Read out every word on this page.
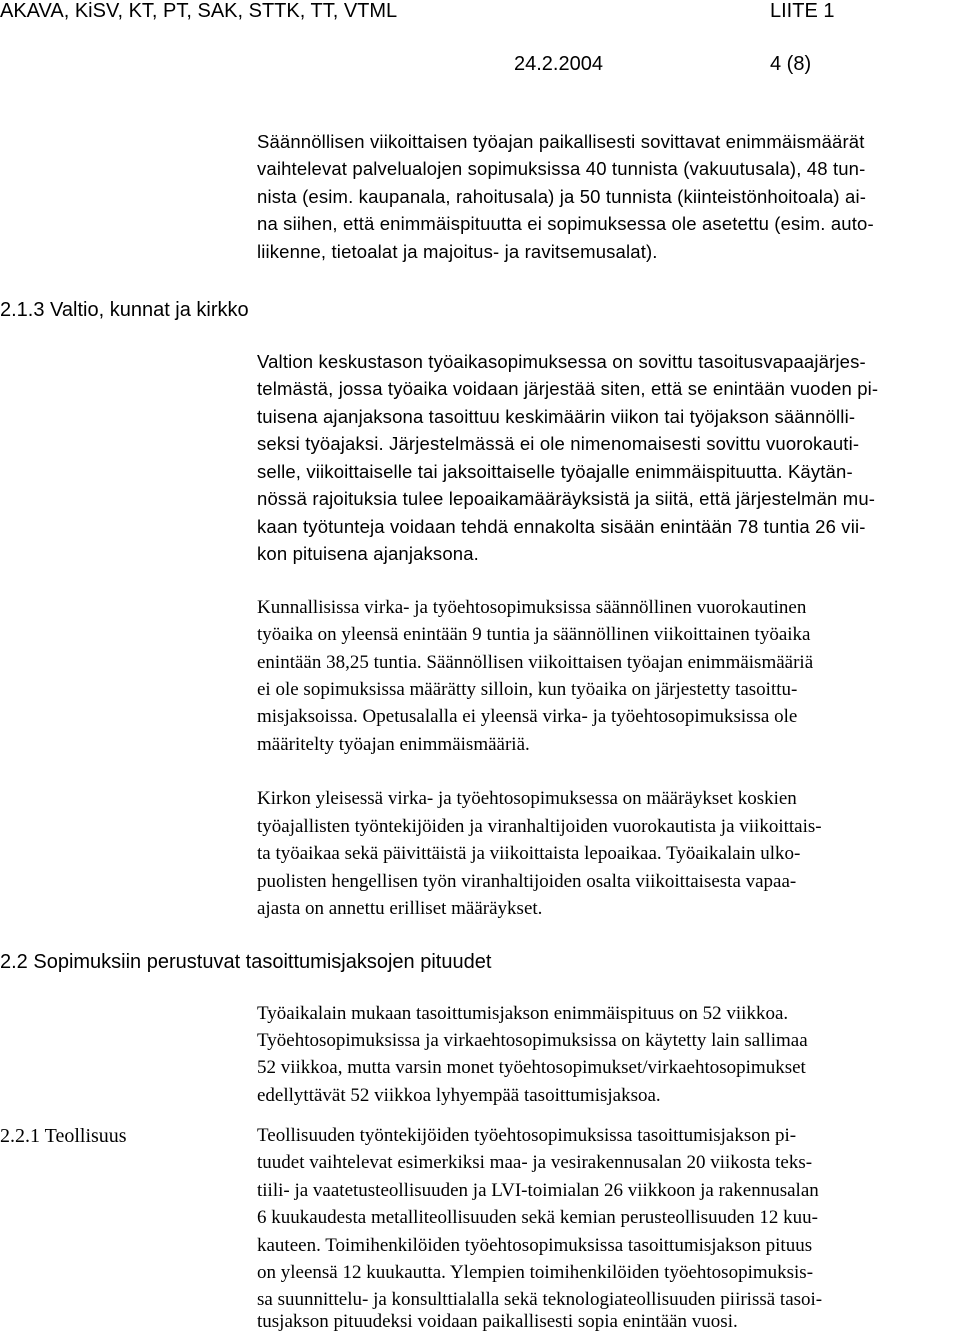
AKAVA, KiSV, KT, PT, SAK, STTK, TT, VTML	LIITE 1
24.2.2004	4 (8)
Säännöllisen viikoittaisen työajan paikallisesti sovittavat enimmäismäärät
vaihtelevat palvelualojen sopimuksissa 40 tunnista (vakuutusala), 48 tun-
nista (esim. kaupanala, rahoitusala) ja 50 tunnista (kiinteistönhoitoala) ai-
na siihen, että enimmäispituutta ei sopimuksessa ole asetettu (esim. auto-
liikenne, tietoalat ja majoitus- ja ravitsemusalat).
2.1.3 Valtio, kunnat ja kirkko
Valtion keskustason työaikasopimuksessa on sovittu tasoitusvapaajärjes-
telmästä, jossa työaika voidaan järjestää siten, että se enintään vuoden pi-
tuisena ajanjaksona tasoittuu keskimäärin viikon tai työjakson säännölli-
seksi työajaksi. Järjestelmässä ei ole nimenomaisesti sovittu vuorokauti-
selle, viikoittaiselle tai jaksoittaiselle työajalle enimmäispituutta. Käytän-
nössä rajoituksia tulee lepoaikamääräyksistä ja siitä, että järjestelmän mu-
kaan työtunteja voidaan tehdä ennakolta sisään enintään 78 tuntia 26 vii-
kon pituisena ajanjaksona.
Kunnallisissa virka- ja työehtosopimuksissa säännöllinen vuorokautinen
työaika on yleensä enintään 9 tuntia ja säännöllinen viikoittainen työaika
enintään 38,25 tuntia. Säännöllisen viikoittaisen työajan enimmäismääriä
ei ole sopimuksissa määrätty silloin, kun työaika on järjestetty tasoittu-
misjaksoissa. Opetusalalla ei yleensä virka- ja työehtosopimuksissa ole
määritelty työajan enimmäismääriä.
Kirkon yleisessä virka- ja työehtosopimuksessa on määräykset koskien
työajallisten työntekijöiden ja viranhaltijoiden vuorokautista ja viikoittais-
ta työaikaa sekä päivittäistä ja viikoittaista lepoaikaa. Työaikalain ulko-
puolisten hengellisen työn viranhaltijoiden osalta viikoittaisesta vapaa-
ajasta on annettu erilliset määräykset.
2.2 Sopimuksiin perustuvat tasoittumisjaksojen pituudet
Työaikalain mukaan tasoittumisjakson enimmäispituus on 52 viikkoa.
Työehtosopimuksissa ja virkaehtosopimuksissa on käytetty lain sallimaa
52 viikkoa, mutta varsin monet työehtosopimukset/virkaehtosopimukset
edellyttävät 52 viikkoa lyhyempää tasoittumisjaksoa.
2.2.1 Teollisuus	Teollisuuden työntekijöiden työehtosopimuksissa tasoittumisjakson pi-
tuudet vaihtelevat esimerkiksi maa- ja vesirakennusalan 20 viikosta teks-
tiili- ja vaatetusteollisuuden ja LVI-toimialan 26 viikkoon ja rakennusalan
6 kuukaudesta metalliteollisuuden sekä kemian perusteollisuuden 12 kuu-
kauteen. Toimihenkilöiden työehtosopimuksissa tasoittumisjakson pituus
on yleensä 12 kuukautta. Ylempien toimihenkilöiden työehtosopimuksis-
sa suunnittelu- ja konsulttialalla sekä teknologiateollisuuden piirissä tasoi-
tusjakson pituudeksi voidaan paikallisesti sopia enintään vuosi.
